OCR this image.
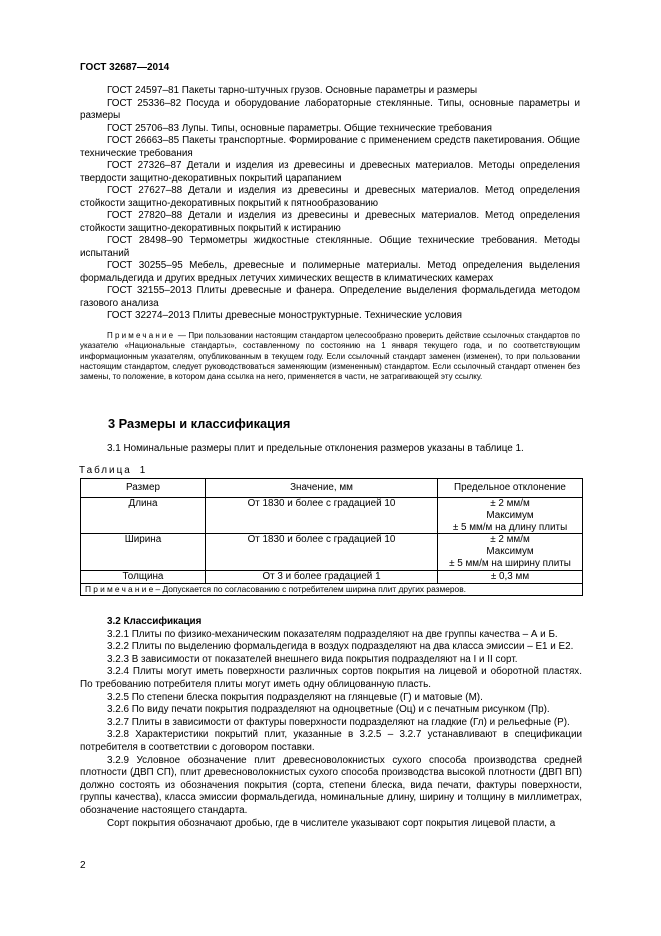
ГОСТ 32687—2014

ГОСТ 24597–81 Пакеты тарно-штучных грузов. Основные параметры и размеры

ГОСТ 25336–82 Посуда и оборудование лабораторные стеклянные. Типы, основные параметры и размеры

ГОСТ 25706–83 Лупы. Типы, основные параметры. Общие технические требования

ГОСТ 26663–85 Пакеты транспортные. Формирование с применением средств пакетирования. Общие технические требования

ГОСТ 27326–87 Детали и изделия из древесины и древесных материалов. Методы определения твердости защитно-декоративных покрытий царапанием

ГОСТ 27627–88 Детали и изделия из древесины и древесных материалов. Метод определения стойкости защитно-декоративных покрытий к пятнообразованию

ГОСТ 27820–88 Детали и изделия из древесины и древесных материалов. Метод определения стойкости защитно-декоративных покрытий к истиранию

ГОСТ 28498–90 Термометры жидкостные стеклянные. Общие технические требования. Методы испытаний

ГОСТ 30255–95 Мебель, древесные и полимерные материалы. Метод определения выделения формальдегида и других вредных летучих химических веществ в климатических камерах

ГОСТ 32155–2013 Плиты древесные и фанера. Определение выделения формальдегида методом газового анализа

ГОСТ 32274–2013 Плиты древесные моноструктурные. Технические условия

Примечание — При пользовании настоящим стандартом целесообразно проверить действие ссылочных стандартов по указателю «Национальные стандарты», составленному по состоянию на 1 января текущего года, и по соответствующим информационным указателям, опубликованным в текущем году. Если ссылочный стандарт заменен (изменен), то при пользовании настоящим стандартом, следует руководствоваться заменяющим (измененным) стандартом. Если ссылочный стандарт отменен без замены, то положение, в котором дана ссылка на него, применяется в части, не затрагивающей эту ссылку.

3 Размеры и классификация
3.1 Номинальные размеры плит и предельные отклонения размеров указаны в таблице 1.
Таблица 1
Размер	Значение, мм	Предельное отклонение
Длина	От 1830 и более с градацией 10	± 2 мм/м
Максимум
± 5 мм/м на длину плиты

Ширина	От 1830 и более с градацией 10	± 2 мм/м
Максимум
± 5 мм/м на ширину плиты

Толщина	От 3 и более градацией 1	± 0,3 мм

Примечание– Допускается по согласованию с потребителем ширина плит других размеров.		

3.2 Классификация

3.2.1 Плиты по физико-механическим показателям подразделяют на две группы качества – А и Б.

3.2.2 Плиты по выделению формальдегида в воздух подразделяют на два класса эмиссии – Е1 и Е2.

3.2.3 В зависимости от показателей внешнего вида покрытия подразделяют на I и II сорт.

3.2.4 Плиты могут иметь поверхности различных сортов покрытия на лицевой и оборотной пластях. По требованию потребителя плиты могут иметь одну облицованную пласть.

3.2.5 По степени блеска покрытия подразделяют на глянцевые (Г) и матовые (М).

3.2.6 По виду печати покрытия подразделяют на одноцветные (Оц) и с печатным рисунком (Пр).

3.2.7 Плиты в зависимости от фактуры поверхности подразделяют на гладкие (Гл) и рельефные (Р).

3.2.8 Характеристики покрытий плит, указанные в 3.2.5 – 3.2.7 устанавливают в спецификации потребителя в соответствии с договором поставки.

3.2.9 Условное обозначение плит древесноволокнистых сухого способа производства средней плотности (ДВП СП), плит древесноволокнистых сухого способа производства высокой плотности (ДВП ВП) должно состоять из обозначения покрытия (сорта, степени блеска, вида печати, фактуры поверхности, группы качества), класса эмиссии формальдегида, номинальные длину, ширину и толщину в миллиметрах, обозначение настоящего стандарта.

Сорт покрытия обозначают дробью, где в числителе указывают сорт покрытия лицевой пласти, а

2
